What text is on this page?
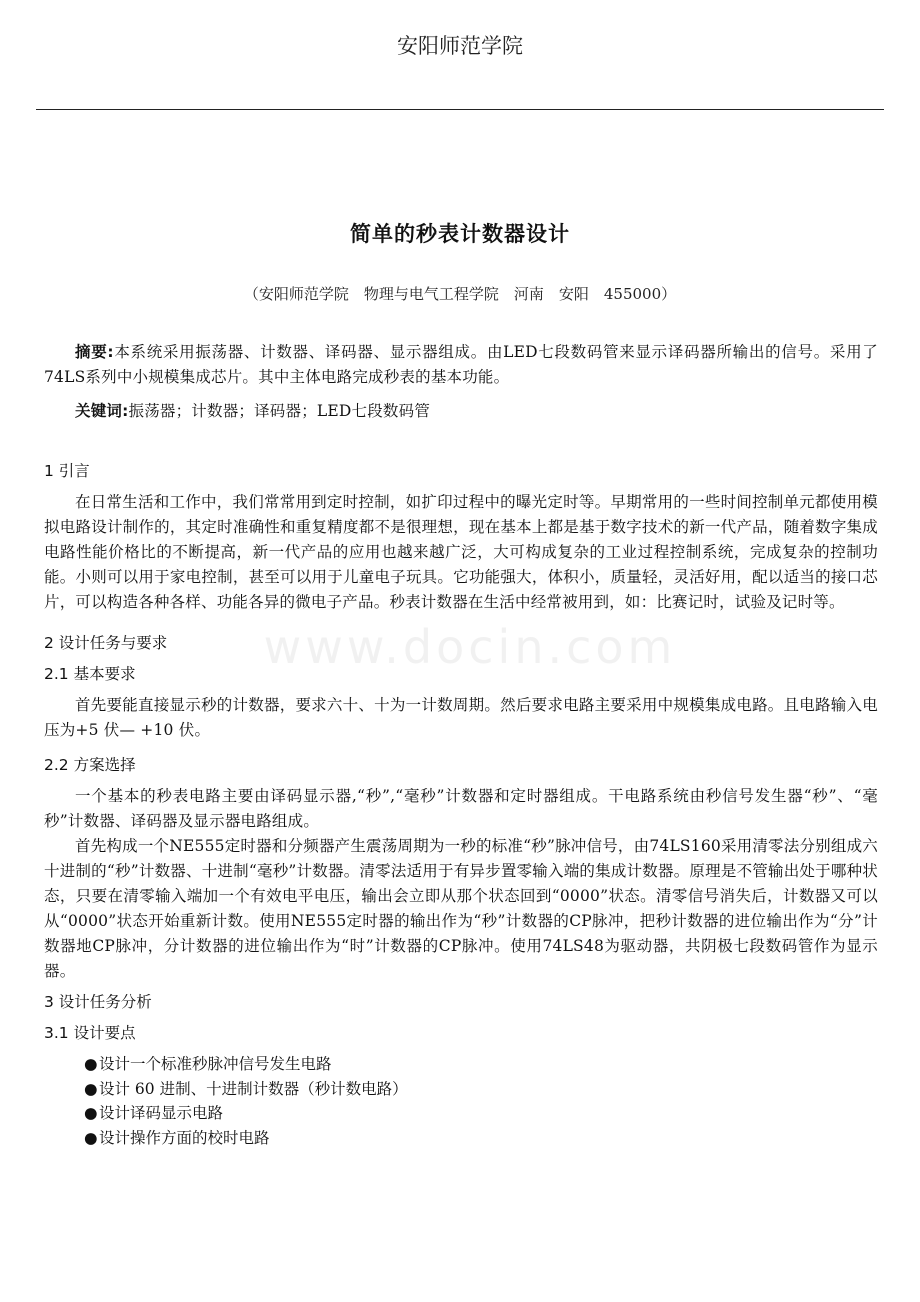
安阳师范学院
简单的秒表计数器设计
（安阳师范学院　物理与电气工程学院　河南　安阳　455000）
www.docin.com

摘要:本系统采用振荡器、计数器、译码器、显示器组成。由LED七段数码管来显示译码器所输出的信号。采用了74LS系列中小规模集成芯片。其中主体电路完成秒表的基本功能。

关键词:振荡器；计数器；译码器；LED七段数码管

1 引言

在日常生活和工作中，我们常常用到定时控制，如扩印过程中的曝光定时等。早期常用的一些时间控制单元都使用模拟电路设计制作的，其定时准确性和重复精度都不是很理想，现在基本上都是基于数字技术的新一代产品，随着数字集成电路性能价格比的不断提高，新一代产品的应用也越来越广泛，大可构成复杂的工业过程控制系统，完成复杂的控制功能。小则可以用于家电控制，甚至可以用于儿童电子玩具。它功能强大，体积小，质量轻，灵活好用，配以适当的接口芯片，可以构造各种各样、功能各异的微电子产品。秒表计数器在生活中经常被用到，如：比赛记时，试验及记时等。

2 设计任务与要求

2.1 基本要求

首先要能直接显示秒的计数器，要求六十、十为一计数周期。然后要求电路主要采用中规模集成电路。且电路输入电压为+5 伏— +10 伏。

2.2 方案选择

一个基本的秒表电路主要由译码显示器,“秒”,“毫秒”计数器和定时器组成。干电路系统由秒信号发生器“秒”、“毫秒”计数器、译码器及显示器电路组成。

首先构成一个NE555定时器和分频器产生震荡周期为一秒的标准“秒”脉冲信号，由74LS160采用清零法分别组成六十进制的“秒”计数器、十进制“毫秒”计数器。清零法适用于有异步置零输入端的集成计数器。原理是不管输出处于哪种状态，只要在清零输入端加一个有效电平电压，输出会立即从那个状态回到“0000”状态。清零信号消失后，计数器又可以从“0000”状态开始重新计数。使用NE555定时器的输出作为“秒”计数器的CP脉冲，把秒计数器的进位输出作为“分”计数器地CP脉冲，分计数器的进位输出作为“时”计数器的CP脉冲。使用74LS48为驱动器，共阴极七段数码管作为显示器。

3 设计任务分析

3.1 设计要点

●设计一个标准秒脉冲信号发生电路
●设计 60 进制、十进制计数器（秒计数电路）
●设计译码显示电路
●设计操作方面的校时电路
